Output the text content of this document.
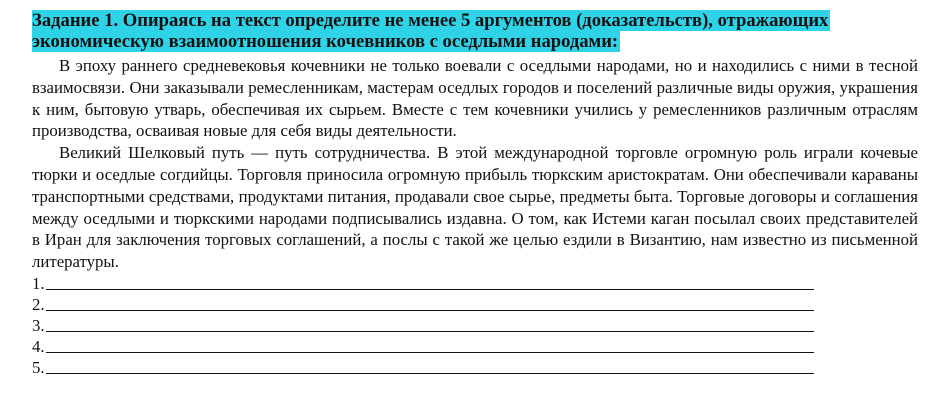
Задание 1. Опираясь на текст определите не менее 5 аргументов (доказательств), отражающих экономическую взаимоотношения кочевников с оседлыми народами:

В эпоху раннего средневековья кочевники не только воевали с оседлыми народами, но и находились с ними в тесной взаимосвязи. Они заказывали ремесленникам, мастерам оседлых городов и поселений различные виды оружия, украшения к ним, бытовую утварь, обеспечивая их сырьем. Вместе с тем кочевники учились у ремесленников различным отраслям производства, осваивая новые для себя виды деятельности.

Великий Шелковый путь — путь сотрудничества. В этой международной торговле огромную роль играли кочевые тюрки и оседлые согдийцы. Торговля приносила огромную прибыль тюркским аристократам. Они обеспечивали караваны транспортными средствами, продуктами питания, продавали свое сырье, предметы быта. Торговые договоры и соглашения между оседлыми и тюркскими народами подписывались издавна. О том, как Истеми каган посылал своих представителей в Иран для заключения торговых соглашений, а послы с такой же целью ездили в Византию, нам известно из письменной литературы.

1.
2.
3.
4.
5.
